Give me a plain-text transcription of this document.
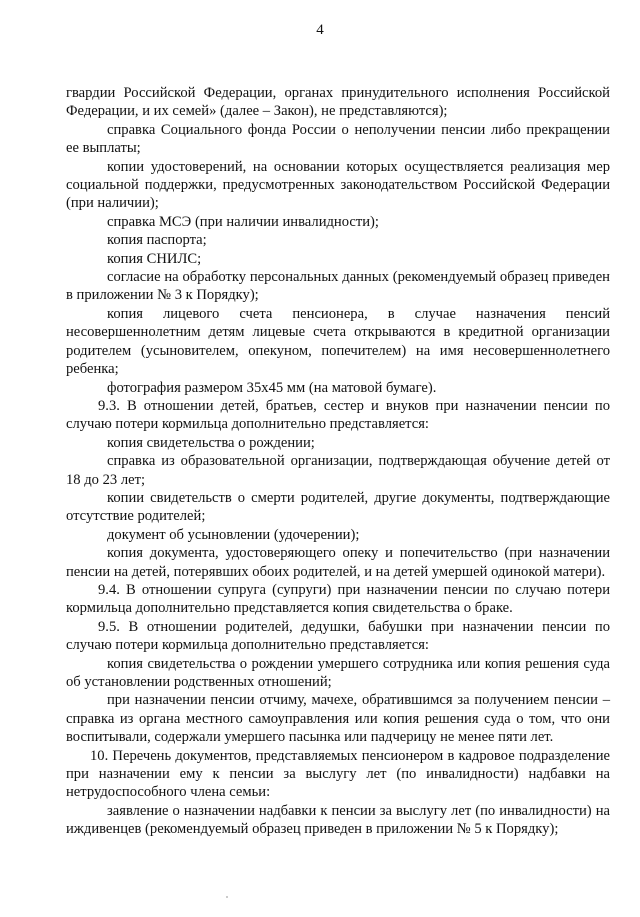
4

гвардии Российской Федерации, органах принудительного исполнения Российской Федерации, и их семей» (далее – Закон), не представляются);

справка Социального фонда России о неполучении пенсии либо прекращении ее выплаты;

копии удостоверений, на основании которых осуществляется реализация мер социальной поддержки, предусмотренных законодательством Российской Федерации (при наличии);

справка МСЭ (при наличии инвалидности);

копия паспорта;

копия СНИЛС;

согласие на обработку персональных данных (рекомендуемый образец приведен в приложении № 3 к Порядку);

копия лицевого счета пенсионера, в случае назначения пенсий несовершеннолетним детям лицевые счета открываются в кредитной организации родителем (усыновителем, опекуном, попечителем) на имя несовершеннолетнего ребенка;

фотография размером 35х45 мм (на матовой бумаге).

9.3. В отношении детей, братьев, сестер и внуков при назначении пенсии по случаю потери кормильца дополнительно представляется:

копия свидетельства о рождении;

справка из образовательной организации, подтверждающая обучение детей от 18 до 23 лет;

копии свидетельств о смерти родителей, другие документы, подтверждающие отсутствие родителей;

документ об усыновлении (удочерении);

копия документа, удостоверяющего опеку и попечительство (при назначении пенсии на детей, потерявших обоих родителей, и на детей умершей одинокой матери).

9.4. В отношении супруга (супруги) при назначении пенсии по случаю потери кормильца дополнительно представляется копия свидетельства о браке.

9.5. В отношении родителей, дедушки, бабушки при назначении пенсии по случаю потери кормильца дополнительно представляется:

копия свидетельства о рождении умершего сотрудника или копия решения суда об установлении родственных отношений;

при назначении пенсии отчиму, мачехе, обратившимся за получением пенсии – справка из органа местного самоуправления или копия решения суда о том, что они воспитывали, содержали умершего пасынка или падчерицу не менее пяти лет.

10. Перечень документов, представляемых пенсионером в кадровое подразделение при назначении ему к пенсии за выслугу лет (по инвалидности) надбавки на нетрудоспособного члена семьи:

заявление о назначении надбавки к пенсии за выслугу лет (по инвалидности) на иждивенцев (рекомендуемый образец приведен в приложении № 5 к Порядку);
